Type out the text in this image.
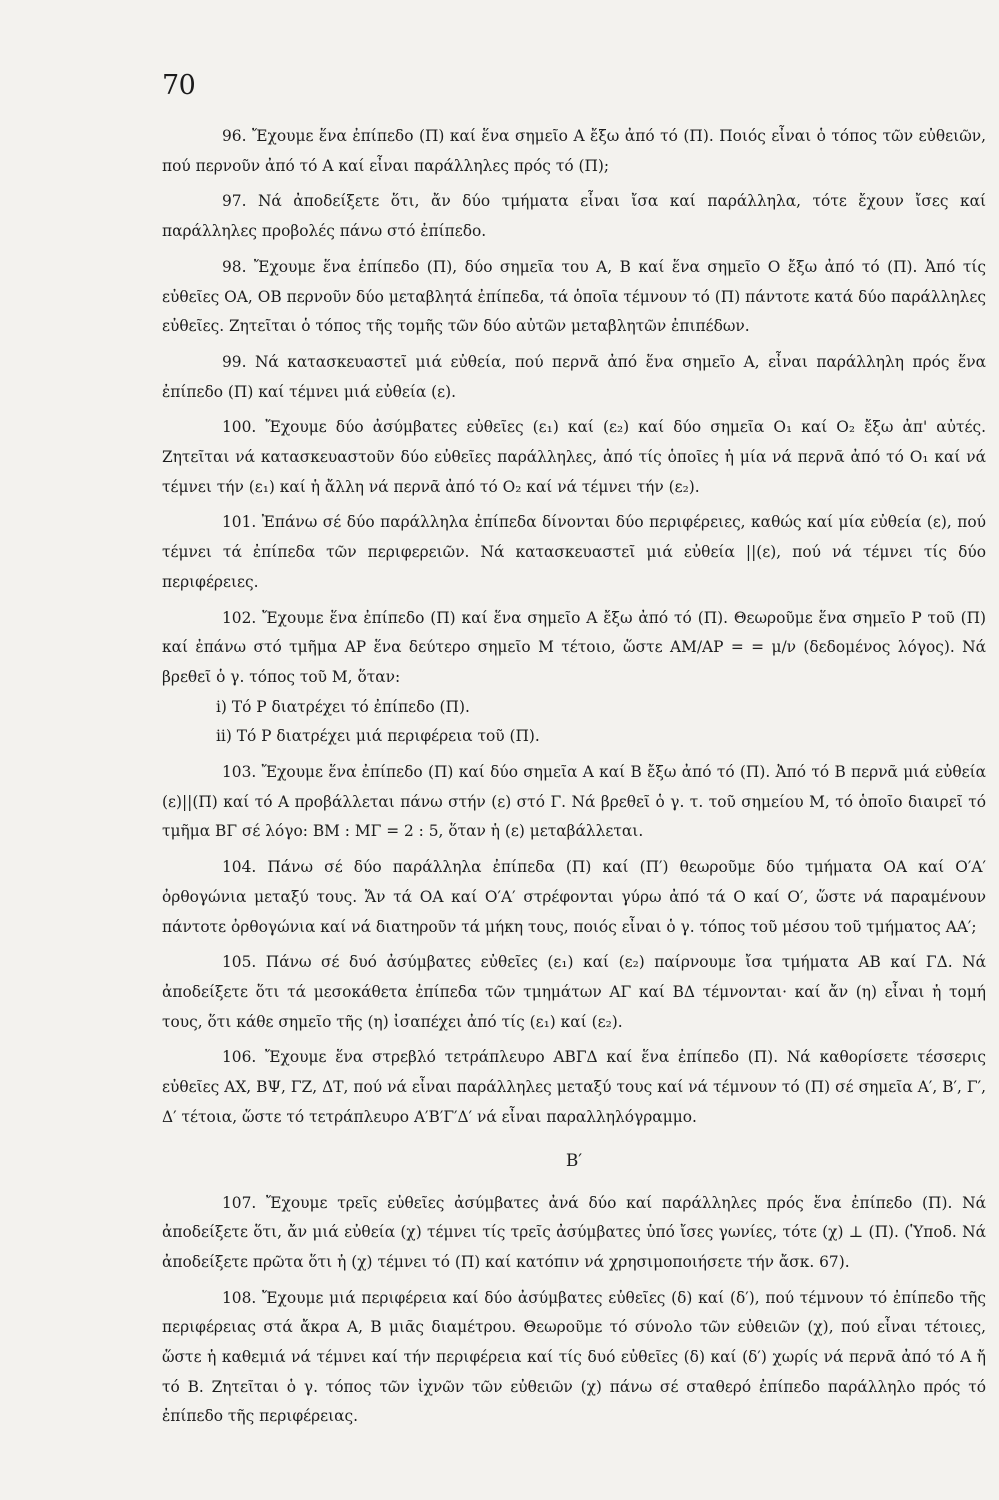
70

96. Ἔχουμε ἕνα ἐπίπεδο (Π) καί ἕνα σημεῖο Α ἔξω ἀπό τό (Π). Ποιός εἶναι ὁ τόπος τῶν εὐθειῶν, πού περνοῦν ἀπό τό Α καί εἶναι παράλληλες πρός τό (Π);

97. Νά ἀποδείξετε ὅτι, ἄν δύο τμήματα εἶναι ἴσα καί παράλληλα, τότε ἔχουν ἴσες καί παράλληλες προβολές πάνω στό ἐπίπεδο.

98. Ἔχουμε ἕνα ἐπίπεδο (Π), δύο σημεῖα του Α, Β καί ἕνα σημεῖο Ο ἔξω ἀπό τό (Π). Ἀπό τίς εὐθεῖες ΟΑ, ΟΒ περνοῦν δύο μεταβλητά ἐπίπεδα, τά ὁποῖα τέμνουν τό (Π) πάντοτε κατά δύο παράλληλες εὐθεῖες. Ζητεῖται ὁ τόπος τῆς τομῆς τῶν δύο αὐτῶν μεταβλητῶν ἐπιπέδων.

99. Νά κατασκευαστεῖ μιά εὐθεία, πού περνᾶ ἀπό ἕνα σημεῖο Α, εἶναι παράλληλη πρός ἕνα ἐπίπεδο (Π) καί τέμνει μιά εὐθεία (ε).

100. Ἔχουμε δύο ἀσύμβατες εὐθεῖες (ε₁) καί (ε₂) καί δύο σημεῖα Ο₁ καί Ο₂ ἔξω ἀπ' αὐτές. Ζητεῖται νά κατασκευαστοῦν δύο εὐθεῖες παράλληλες, ἀπό τίς ὁποῖες ἡ μία νά περνᾶ ἀπό τό Ο₁ καί νά τέμνει τήν (ε₁) καί ἡ ἄλλη νά περνᾶ ἀπό τό Ο₂ καί νά τέμνει τήν (ε₂).

101. Ἐπάνω σέ δύο παράλληλα ἐπίπεδα δίνονται δύο περιφέρειες, καθώς καί μία εὐθεία (ε), πού τέμνει τά ἐπίπεδα τῶν περιφερειῶν. Νά κατασκευαστεῖ μιά εὐθεία ||(ε), πού νά τέμνει τίς δύο περιφέρειες.

102. Ἔχουμε ἕνα ἐπίπεδο (Π) καί ἕνα σημεῖο Α ἔξω ἀπό τό (Π). Θεωροῦμε ἕνα σημεῖο Ρ τοῦ (Π) καί ἐπάνω στό τμῆμα ΑΡ ἕνα δεύτερο σημεῖο Μ τέτοιο, ὥστε ΑΜ/ΑΡ = = μ/ν (δεδομένος λόγος). Νά βρεθεῖ ὁ γ. τόπος τοῦ Μ, ὅταν:

i) Τό Ρ διατρέχει τό ἐπίπεδο (Π).

ii) Τό Ρ διατρέχει μιά περιφέρεια τοῦ (Π).

103. Ἔχουμε ἕνα ἐπίπεδο (Π) καί δύο σημεῖα Α καί Β ἔξω ἀπό τό (Π). Ἀπό τό Β περνᾶ μιά εὐθεία (ε)||(Π) καί τό Α προβάλλεται πάνω στήν (ε) στό Γ. Νά βρεθεῖ ὁ γ. τ. τοῦ σημείου Μ, τό ὁποῖο διαιρεῖ τό τμῆμα ΒΓ σέ λόγο: ΒΜ : ΜΓ = 2 : 5, ὅταν ἡ (ε) μεταβάλλεται.

104. Πάνω σέ δύο παράλληλα ἐπίπεδα (Π) καί (Π′) θεωροῦμε δύο τμήματα ΟΑ καί Ο′Α′ ὀρθογώνια μεταξύ τους. Ἄν τά ΟΑ καί Ο′Α′ στρέφονται γύρω ἀπό τά Ο καί Ο′, ὥστε νά παραμένουν πάντοτε ὀρθογώνια καί νά διατηροῦν τά μήκη τους, ποιός εἶναι ὁ γ. τόπος τοῦ μέσου τοῦ τμήματος ΑΑ′;

105. Πάνω σέ δυό ἀσύμβατες εὐθεῖες (ε₁) καί (ε₂) παίρνουμε ἴσα τμήματα ΑΒ καί ΓΔ. Νά ἀποδείξετε ὅτι τά μεσοκάθετα ἐπίπεδα τῶν τμημάτων ΑΓ καί ΒΔ τέμνονται· καί ἄν (η) εἶναι ἡ τομή τους, ὅτι κάθε σημεῖο τῆς (η) ἰσαπέχει ἀπό τίς (ε₁) καί (ε₂).

106. Ἔχουμε ἕνα στρεβλό τετράπλευρο ΑΒΓΔ καί ἕνα ἐπίπεδο (Π). Νά καθορίσετε τέσσερις εὐθεῖες ΑΧ, ΒΨ, ΓΖ, ΔΤ, πού νά εἶναι παράλληλες μεταξύ τους καί νά τέμνουν τό (Π) σέ σημεῖα Α′, Β′, Γ′, Δ′ τέτοια, ὥστε τό τετράπλευρο Α′Β′Γ′Δ′ νά εἶναι παραλληλόγραμμο.

Β′

107. Ἔχουμε τρεῖς εὐθεῖες ἀσύμβατες ἀνά δύο καί παράλληλες πρός ἕνα ἐπίπεδο (Π). Νά ἀποδείξετε ὅτι, ἄν μιά εὐθεία (χ) τέμνει τίς τρεῖς ἀσύμβατες ὑπό ἴσες γωνίες, τότε (χ) ⊥ (Π). (Ὑποδ. Νά ἀποδείξετε πρῶτα ὅτι ἡ (χ) τέμνει τό (Π) καί κατόπιν νά χρησιμοποιήσετε τήν ἄσκ. 67).

108. Ἔχουμε μιά περιφέρεια καί δύο ἀσύμβατες εὐθεῖες (δ) καί (δ′), πού τέμνουν τό ἐπίπεδο τῆς περιφέρειας στά ἄκρα Α, Β μιᾶς διαμέτρου. Θεωροῦμε τό σύνολο τῶν εὐθειῶν (χ), πού εἶναι τέτοιες, ὥστε ἡ καθεμιά νά τέμνει καί τήν περιφέρεια καί τίς δυό εὐθεῖες (δ) καί (δ′) χωρίς νά περνᾶ ἀπό τό Α ἤ τό Β. Ζητεῖται ὁ γ. τόπος τῶν ἰχνῶν τῶν εὐθειῶν (χ) πάνω σέ σταθερό ἐπίπεδο παράλληλο πρός τό ἐπίπεδο τῆς περιφέρειας.
